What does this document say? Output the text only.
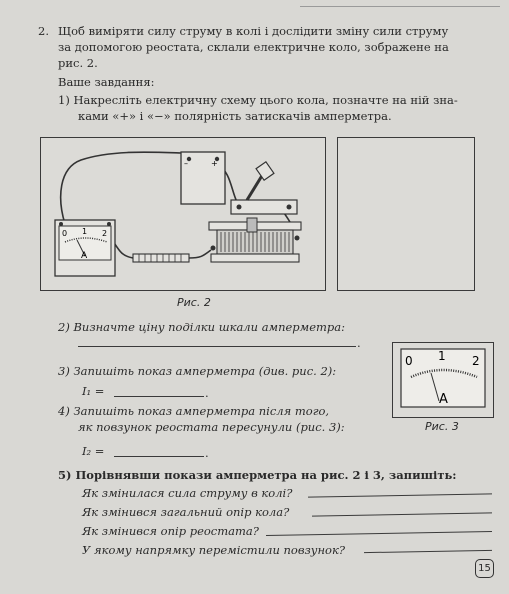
2. Щоб виміряти силу струму в колі і дослідити зміну сили струму
за допомогою реостата, склали електричне коло, зображене на
рис. 2.
Ваше завдання:
1) Накресліть електричну схему цього кола, позначте на ній зна-
ками «+» і «−» полярність затискачів амперметра.
–	+
0 1 2
A
Рис. 2
2) Визначте ціну поділки шкали амперметра:
.
3) Запишіть показ амперметра (див. рис. 2):
I₁ =	.
4) Запишіть показ амперметра після того,
як повзунок реостата пересунули (рис. 3):
I₂ =	.
0 1 2
A
Рис. 3
5) Порівнявши покази амперметра на рис. 2 і 3, запишіть:
Як змінилася сила струму в колі?
Як змінився загальний опір кола?
Як змінився опір реостата?
У якому напрямку перемістили повзунок?
15
